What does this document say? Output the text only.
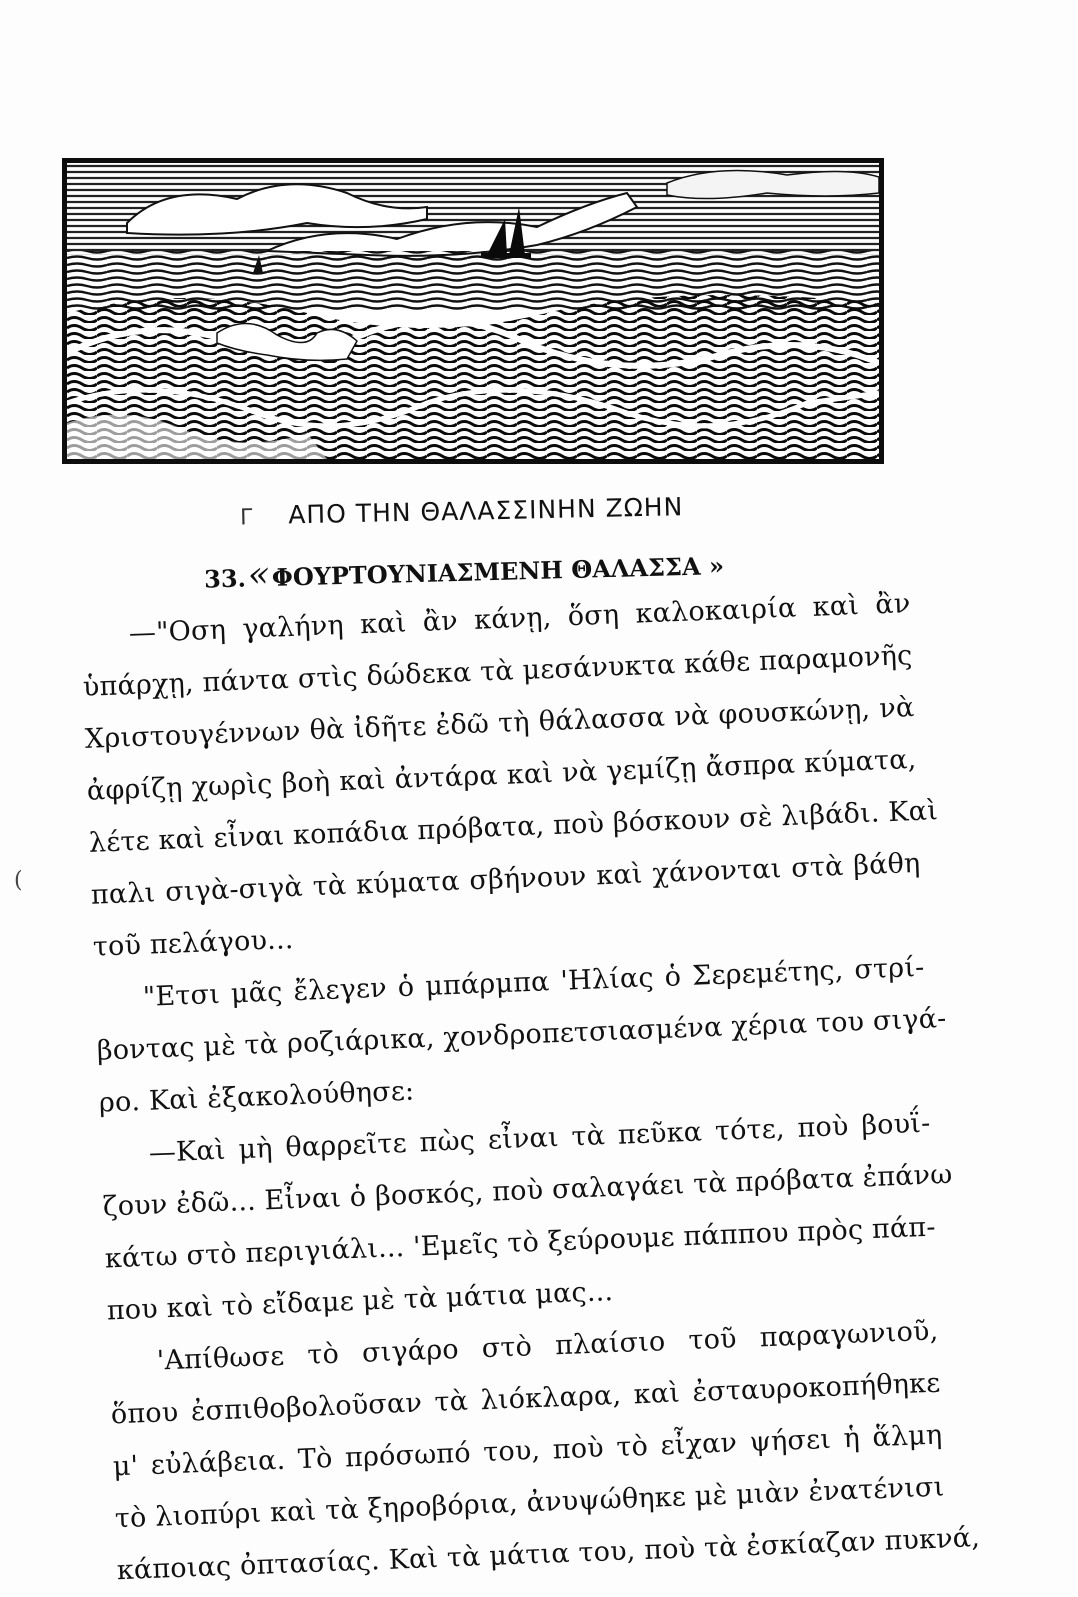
Γ ΑΠΟ ΤΗΝ ΘΑΛΑΣΣΙΝΗΝ ΖΩΗΝ
33.«ΦΟΥΡΤΟΥΝΙΑΣΜΕΝΗ ΘΑΛΑΣΣΑ »
(
—"Οση γαλήνη καὶ ἂν κάνῃ, ὅση καλοκαιρία καὶ ἂν
ὑπάρχῃ, πάντα στὶς δώδεκα τὰ μεσάνυκτα κάθε παραμονῆς
Χριστουγέννων θὰ ἰδῆτε ἐδῶ τὴ θάλασσα νὰ φουσκώνῃ, νὰ
ἀφρίζῃ χωρὶς βοὴ καὶ ἀντάρα καὶ νὰ γεμίζῃ ἄσπρα κύματα,
λέτε καὶ εἶναι κοπάδια πρόβατα, ποὺ βόσκουν σὲ λιβάδι. Καὶ
παλι σιγὰ-σιγὰ τὰ κύματα σβήνουν καὶ χάνονται στὰ βάθη
τοῦ πελάγου...
"Ετσι μᾶς ἔλεγεν ὁ μπάρμπα 'Ηλίας ὁ Σερεμέτης, στρί-
βοντας μὲ τὰ ροζιάρικα, χονδροπετσιασμένα χέρια του σιγά-
ρο. Καὶ ἐξακολούθησε:
—Καὶ μὴ θαρρεῖτε πὼς εἶναι τὰ πεῦκα τότε, ποὺ βουΐ-
ζουν ἐδῶ... Εἶναι ὁ βοσκός, ποὺ σαλαγάει τὰ πρόβατα ἐπάνω
κάτω στὸ περιγιάλι... 'Εμεῖς τὸ ξεύρουμε πάππου πρὸς πάπ-
που καὶ τὸ εἴδαμε μὲ τὰ μάτια μας...
'Απίθωσε τὸ σιγάρο στὸ πλαίσιο τοῦ παραγωνιοῦ,
ὅπου ἐσπιθοβολοῦσαν τὰ λιόκλαρα, καὶ ἐσταυροκοπήθηκε
μ' εὐλάβεια. Τὸ πρόσωπό του, ποὺ τὸ εἶχαν ψήσει ἡ ἅλμη
τὸ λιοπύρι καὶ τὰ ξηροβόρια, ἀνυψώθηκε μὲ μιὰν ἐνατένισι
κάποιας ὀπτασίας. Καὶ τὰ μάτια του, ποὺ τὰ ἐσκίαζαν πυκνά,
